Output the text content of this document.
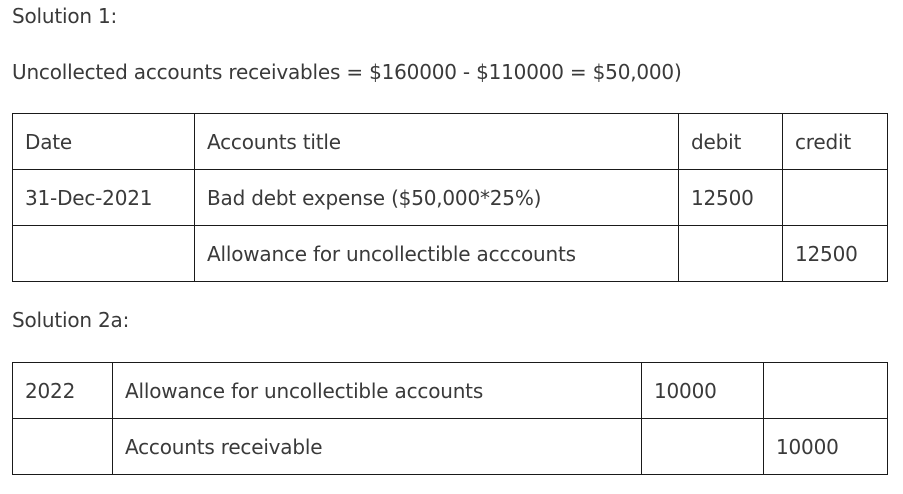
Solution 1:
Uncollected accounts receivables = $160000 - $110000 = $50,000)
Date	Accounts title	debit	credit
31-Dec-2021	Bad debt expense ($50,000*25%)	12500	
	Allowance for uncollectible acccounts		12500
Solution 2a:
2022	Allowance for uncollectible accounts	10000	
	Accounts receivable		10000
